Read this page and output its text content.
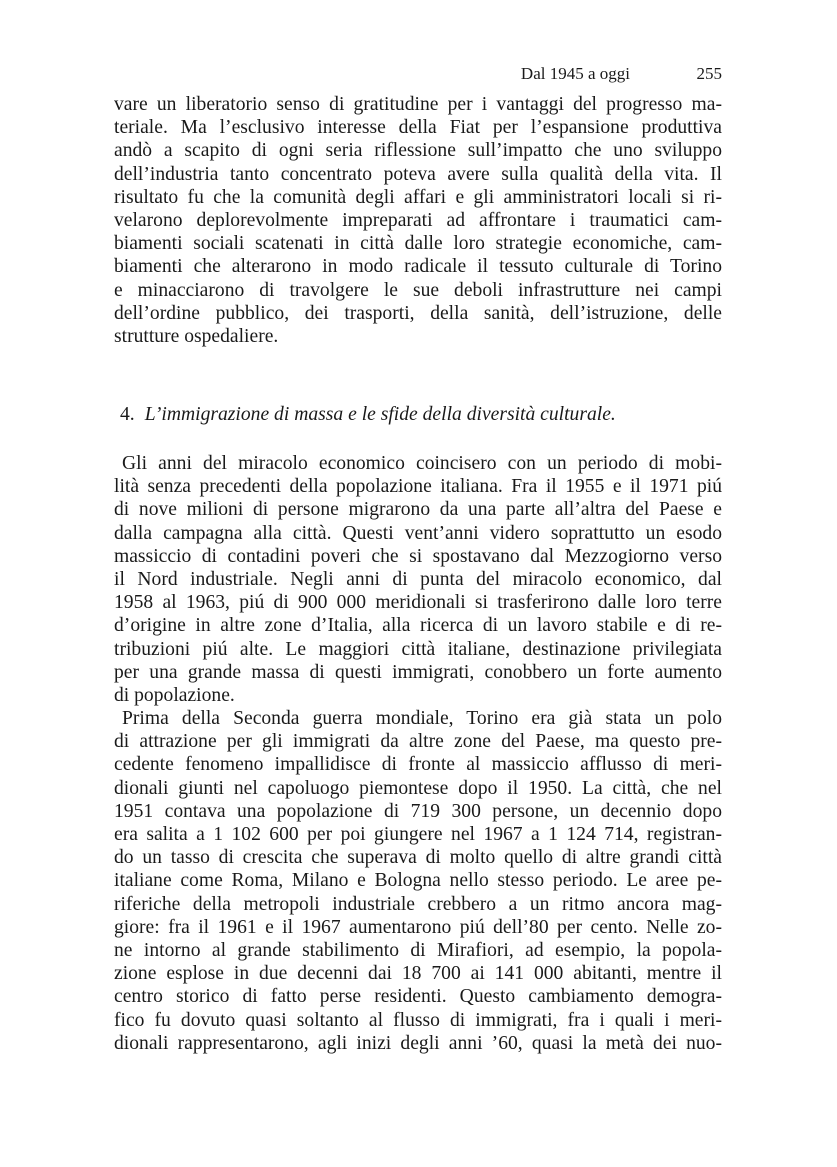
Dal 1945 a oggi	255
vare un liberatorio senso di gratitudine per i vantaggi del progresso ma-
teriale. Ma l’esclusivo interesse della Fiat per l’espansione produttiva
andò a scapito di ogni seria riflessione sull’impatto che uno sviluppo
dell’industria tanto concentrato poteva avere sulla qualità della vita. Il
risultato fu che la comunità degli affari e gli amministratori locali si ri-
velarono deplorevolmente impreparati ad affrontare i traumatici cam-
biamenti sociali scatenati in città dalle loro strategie economiche, cam-
biamenti che alterarono in modo radicale il tessuto culturale di Torino
e minacciarono di travolgere le sue deboli infrastrutture nei campi
dell’ordine pubblico, dei trasporti, della sanità, dell’istruzione, delle
strutture ospedaliere.
4. L’immigrazione di massa e le sfide della diversità culturale.
Gli anni del miracolo economico coincisero con un periodo di mobi-
lità senza precedenti della popolazione italiana. Fra il 1955 e il 1971 piú
di nove milioni di persone migrarono da una parte all’altra del Paese e
dalla campagna alla città. Questi vent’anni videro soprattutto un esodo
massiccio di contadini poveri che si spostavano dal Mezzogiorno verso
il Nord industriale. Negli anni di punta del miracolo economico, dal
1958 al 1963, piú di 900 000 meridionali si trasferirono dalle loro terre
d’origine in altre zone d’Italia, alla ricerca di un lavoro stabile e di re-
tribuzioni piú alte. Le maggiori città italiane, destinazione privilegiata
per una grande massa di questi immigrati, conobbero un forte aumento
di popolazione.
Prima della Seconda guerra mondiale, Torino era già stata un polo
di attrazione per gli immigrati da altre zone del Paese, ma questo pre-
cedente fenomeno impallidisce di fronte al massiccio afflusso di meri-
dionali giunti nel capoluogo piemontese dopo il 1950. La città, che nel
1951 contava una popolazione di 719 300 persone, un decennio dopo
era salita a 1 102 600 per poi giungere nel 1967 a 1 124 714, registran-
do un tasso di crescita che superava di molto quello di altre grandi città
italiane come Roma, Milano e Bologna nello stesso periodo. Le aree pe-
riferiche della metropoli industriale crebbero a un ritmo ancora mag-
giore: fra il 1961 e il 1967 aumentarono piú dell’80 per cento. Nelle zo-
ne intorno al grande stabilimento di Mirafiori, ad esempio, la popola-
zione esplose in due decenni dai 18 700 ai 141 000 abitanti, mentre il
centro storico di fatto perse residenti. Questo cambiamento demogra-
fico fu dovuto quasi soltanto al flusso di immigrati, fra i quali i meri-
dionali rappresentarono, agli inizi degli anni ’60, quasi la metà dei nuo-
